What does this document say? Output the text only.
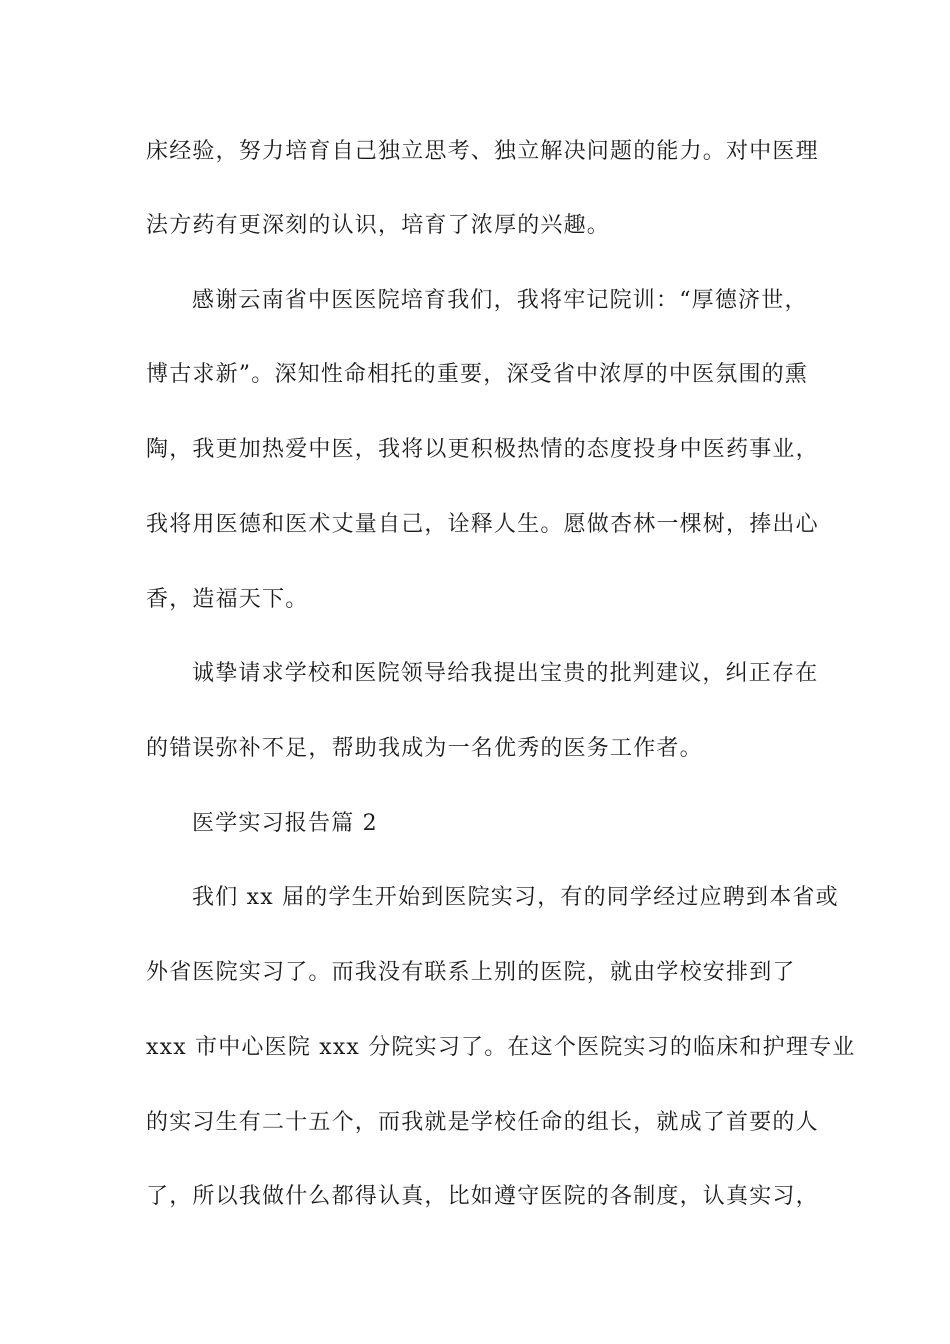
床经验，努力培育自己独立思考、独立解决问题的能力。对中医理
法方药有更深刻的认识，培育了浓厚的兴趣。
感谢云南省中医医院培育我们，我将牢记院训：“厚德济世，
博古求新”。深知性命相托的重要，深受省中浓厚的中医氛围的熏
陶，我更加热爱中医，我将以更积极热情的态度投身中医药事业，
我将用医德和医术丈量自己，诠释人生。愿做杏林一棵树，捧出心
香，造福天下。
诚挚请求学校和医院领导给我提出宝贵的批判建议，纠正存在
的错误弥补不足，帮助我成为一名优秀的医务工作者。
医学实习报告篇 2
我们 xx 届的学生开始到医院实习，有的同学经过应聘到本省或
外省医院实习了。而我没有联系上别的医院，就由学校安排到了
xxx 市中心医院 xxx 分院实习了。在这个医院实习的临床和护理专业
的实习生有二十五个，而我就是学校任命的组长，就成了首要的人
了，所以我做什么都得认真，比如遵守医院的各制度，认真实习，
